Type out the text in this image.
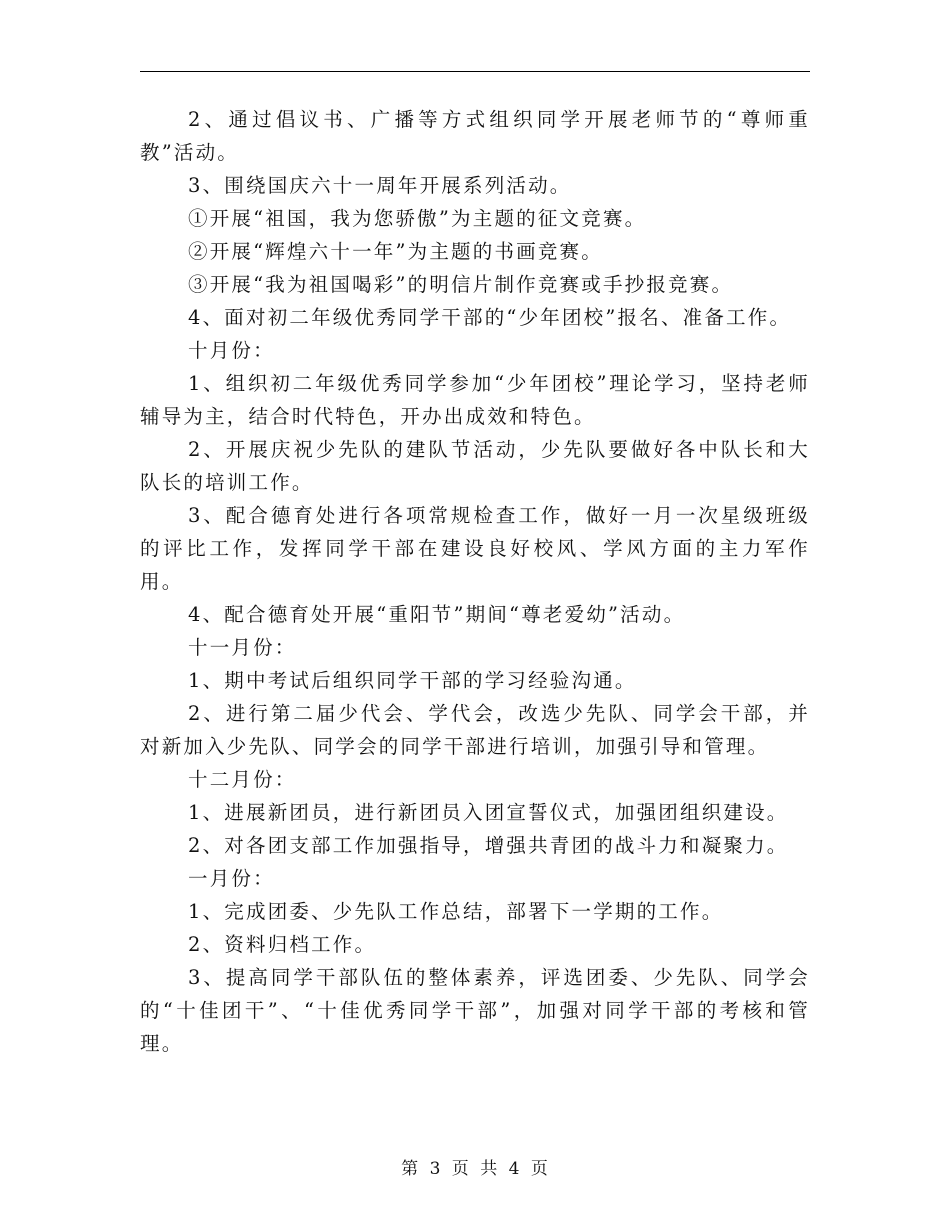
2、通过倡议书、广播等方式组织同学开展老师节的“尊师重教”活动。

3、围绕国庆六十一周年开展系列活动。

①开展“祖国，我为您骄傲”为主题的征文竞赛。

②开展“辉煌六十一年”为主题的书画竞赛。

③开展“我为祖国喝彩”的明信片制作竞赛或手抄报竞赛。

4、面对初二年级优秀同学干部的“少年团校”报名、准备工作。

十月份：

1、组织初二年级优秀同学参加“少年团校”理论学习，坚持老师辅导为主，结合时代特色，开办出成效和特色。

2、开展庆祝少先队的建队节活动，少先队要做好各中队长和大队长的培训工作。

3、配合德育处进行各项常规检查工作，做好一月一次星级班级的评比工作，发挥同学干部在建设良好校风、学风方面的主力军作用。

4、配合德育处开展“重阳节”期间“尊老爱幼”活动。

十一月份：

1、期中考试后组织同学干部的学习经验沟通。

2、进行第二届少代会、学代会，改选少先队、同学会干部，并对新加入少先队、同学会的同学干部进行培训，加强引导和管理。

十二月份：

1、进展新团员，进行新团员入团宣誓仪式，加强团组织建设。

2、对各团支部工作加强指导，增强共青团的战斗力和凝聚力。

一月份：

1、完成团委、少先队工作总结，部署下一学期的工作。

2、资料归档工作。

3、提高同学干部队伍的整体素养，评选团委、少先队、同学会的“十佳团干”、“十佳优秀同学干部”，加强对同学干部的考核和管理。

第 3 页 共 4 页
